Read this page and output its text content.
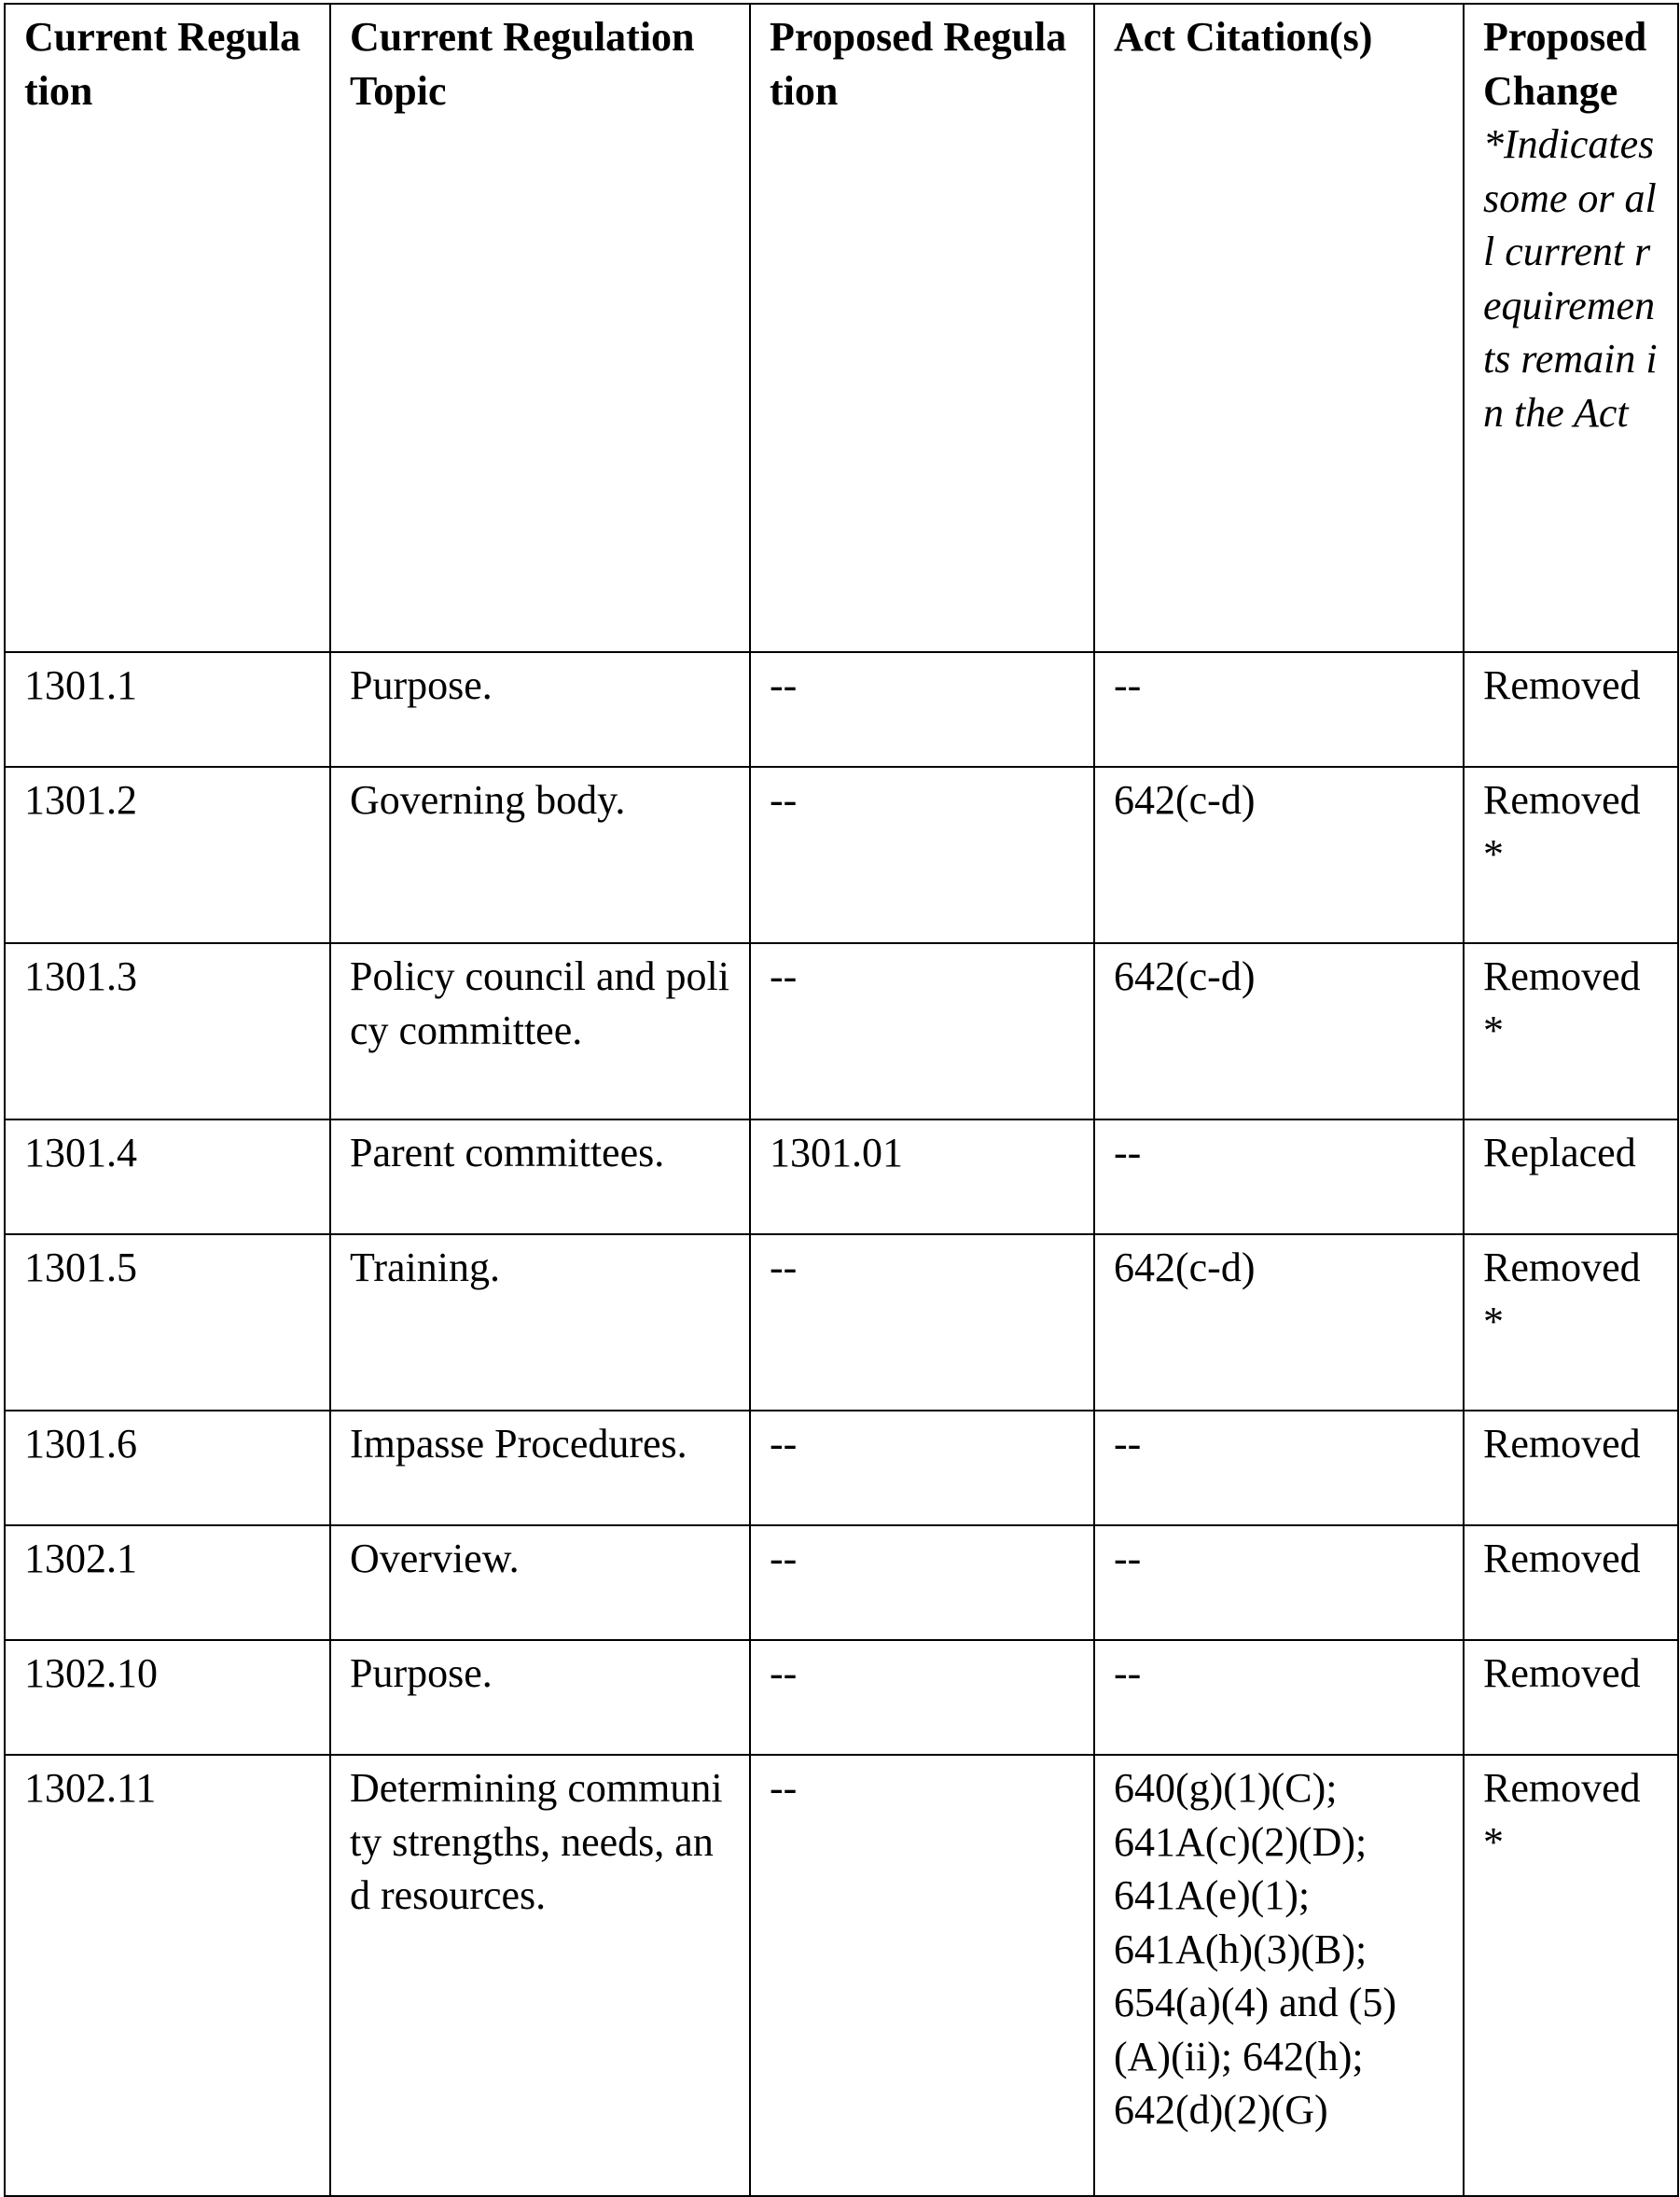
Current Regulation	Current Regulation Topic	Proposed Regulation	Act Citation(s)	Proposed Change
*Indicates some or all current requirements remain in the Act

1301.1	Purpose.	--	--	Removed
1301.2	Governing body.	--	642(c-d)	Removed*
1301.3	Policy council and policy committee.	--	642(c-d)	Removed*
1301.4	Parent committees.	1301.01	--	Replaced
1301.5	Training.	--	642(c-d)	Removed*
1301.6	Impasse Procedures.	--	--	Removed
1302.1	Overview.	--	--	Removed
1302.10	Purpose.	--	--	Removed
1302.11	Determining community strengths, needs, and resources.	--	640(g)(1)(C); 641A(c)(2)(D); 641A(e)(1); 641A(h)(3)(B); 654(a)(4) and (5)(A)(ii); 642(h); 642(d)(2)(G)	Removed*
